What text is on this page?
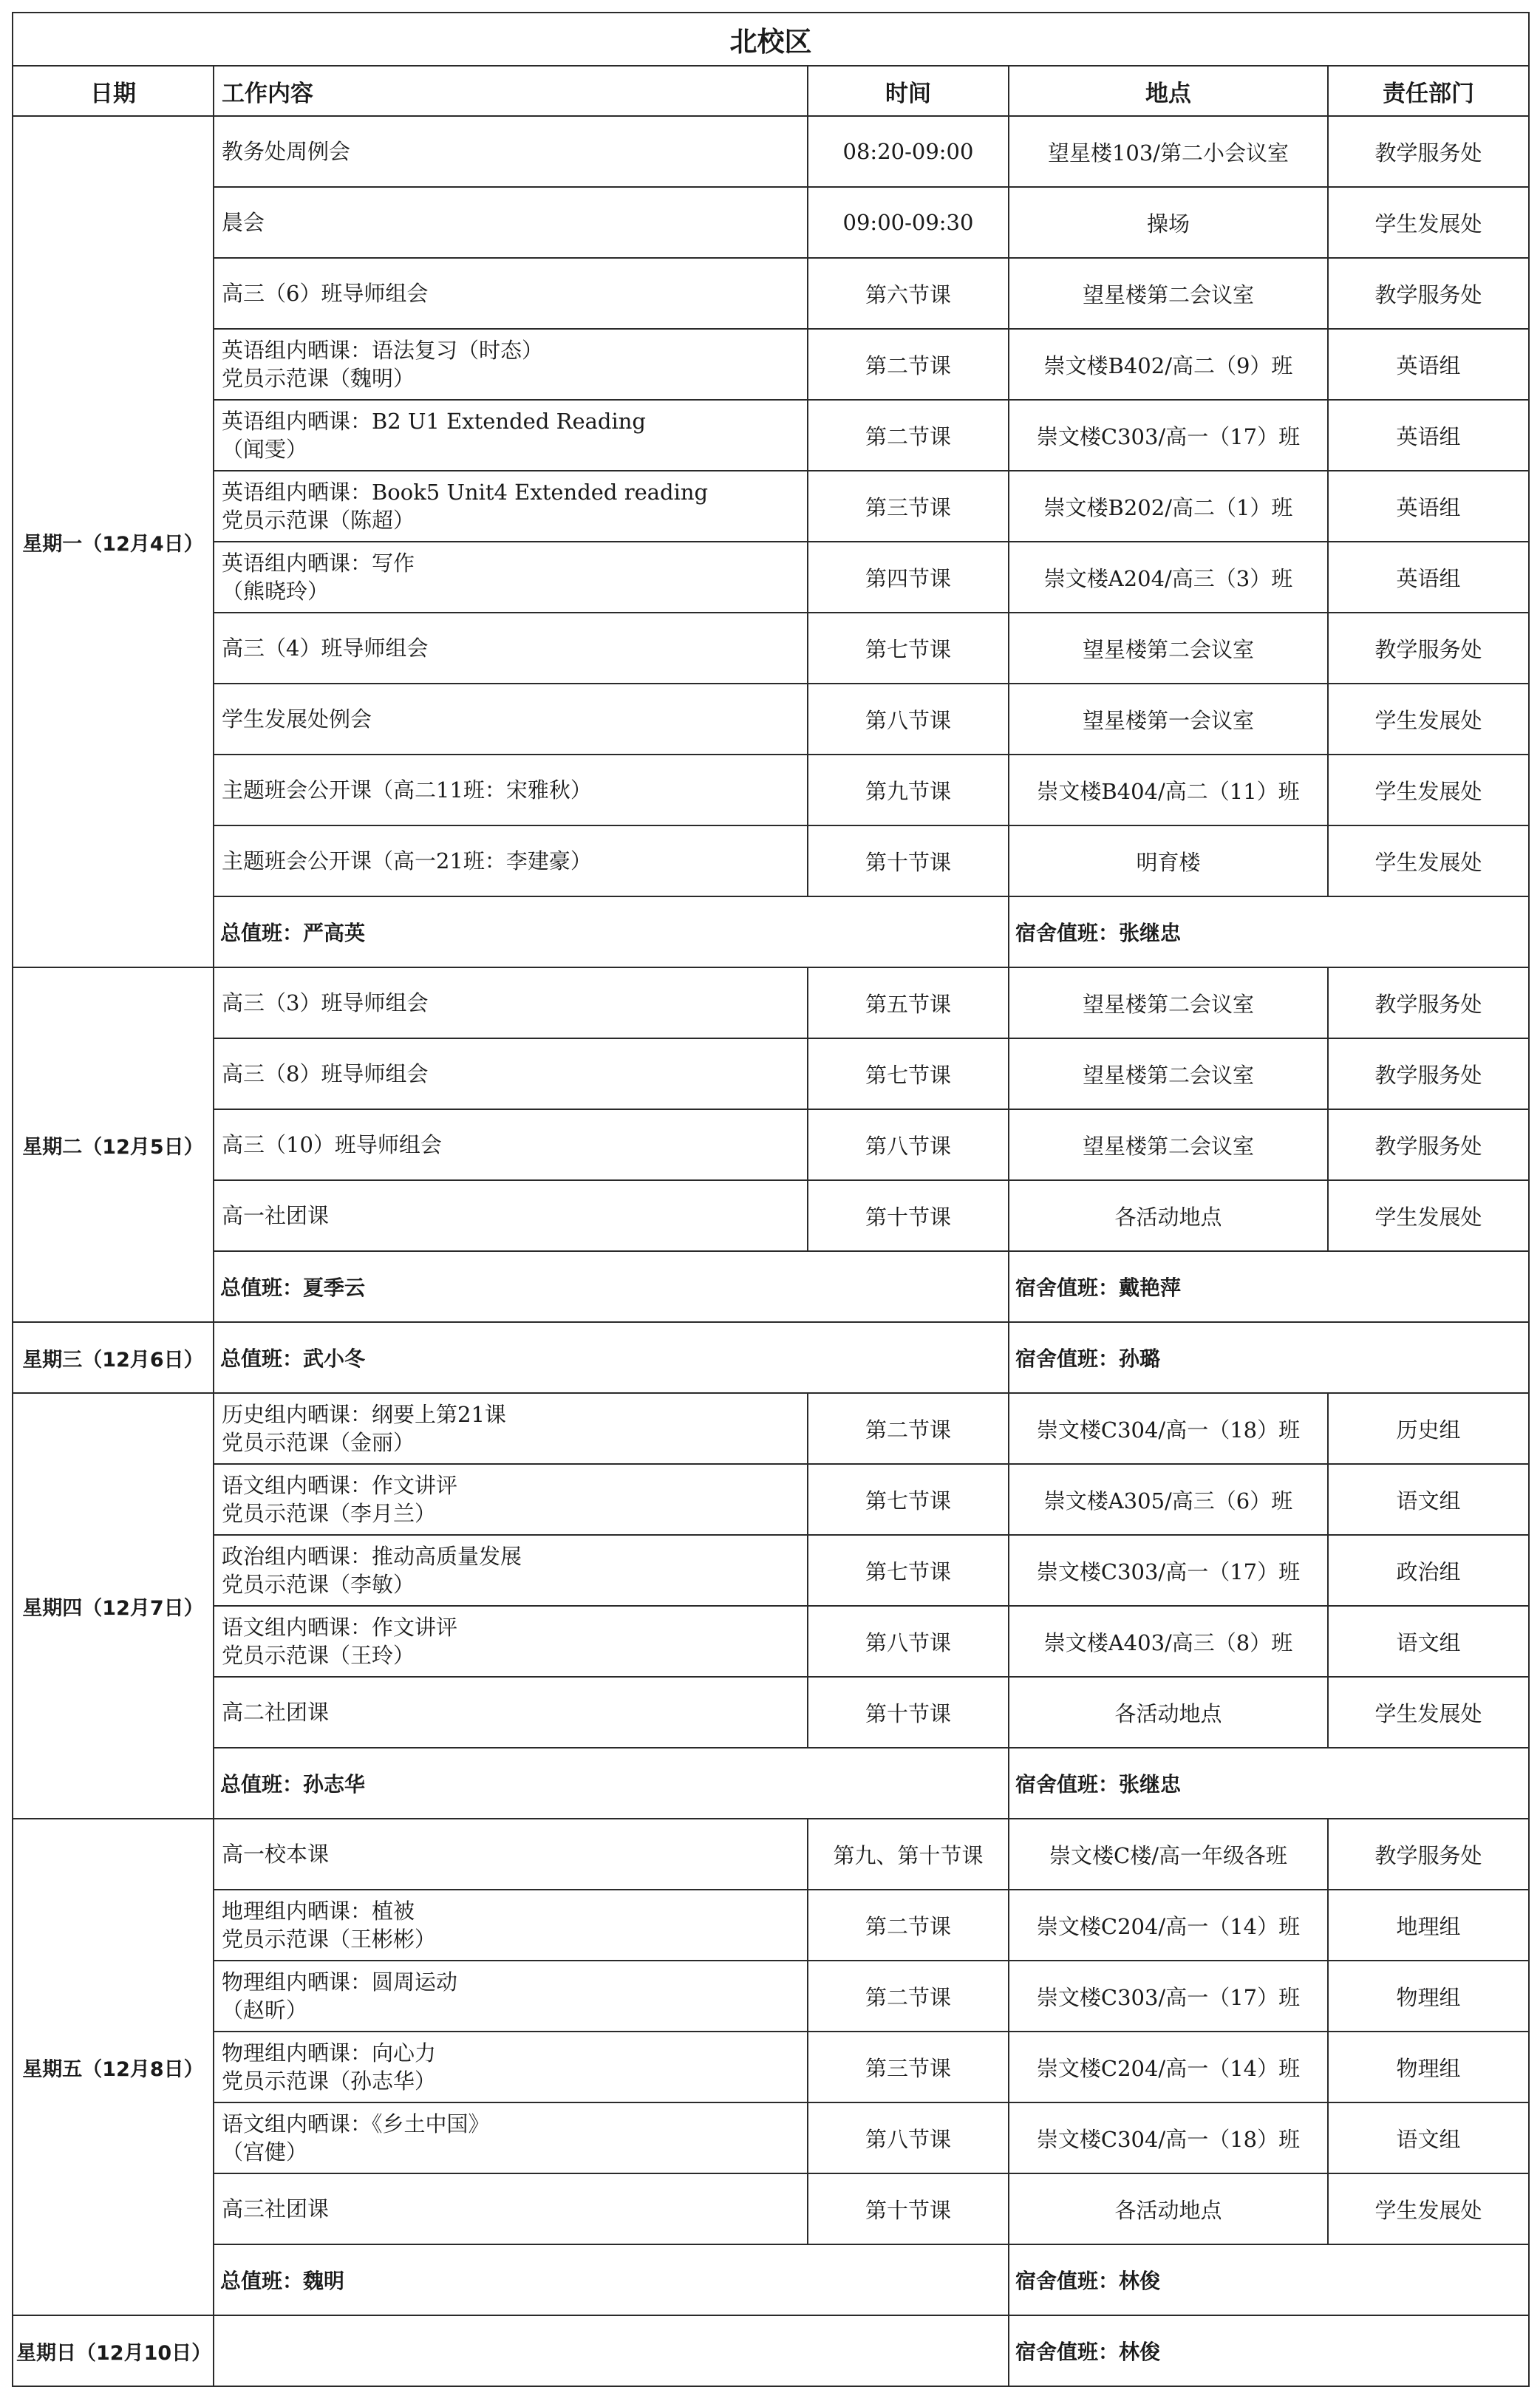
北校区				
日期	工作内容	时间	地点	责任部门
星期一（12月4日）	教务处周例会	08:20-09:00	望星楼103/第二小会议室	教学服务处

	晨会	09:00-09:30	操场	学生发展处

	高三（6）班导师组会	第六节课	望星楼第二会议室	教学服务处

	英语组内晒课：语法复习（时态）
党员示范课（魏明）	第二节课	崇文楼B402/高二（9）班	英语组

	英语组内晒课：B2 U1 Extended Reading
（闻雯）	第二节课	崇文楼C303/高一（17）班	英语组

	英语组内晒课：Book5 Unit4 Extended reading
党员示范课（陈超）	第三节课	崇文楼B202/高二（1）班	英语组

	英语组内晒课：写作
（熊晓玲）	第四节课	崇文楼A204/高三（3）班	英语组

	高三（4）班导师组会	第七节课	望星楼第二会议室	教学服务处

	学生发展处例会	第八节课	望星楼第一会议室	学生发展处

	主题班会公开课（高二11班：宋雅秋）	第九节课	崇文楼B404/高二（11）班	学生发展处

	主题班会公开课（高一21班：李建豪）	第十节课	明育楼	学生发展处
	总值班：严高英		宿舍值班：张继忠	
星期二（12月5日）	高三（3）班导师组会	第五节课	望星楼第二会议室	教学服务处

	高三（8）班导师组会	第七节课	望星楼第二会议室	教学服务处

	高三（10）班导师组会	第八节课	望星楼第二会议室	教学服务处

	高一社团课	第十节课	各活动地点	学生发展处
	总值班：夏季云		宿舍值班：戴艳萍	
星期三（12月6日）	总值班：武小冬		宿舍值班：孙璐	
星期四（12月7日）	历史组内晒课：纲要上第21课
党员示范课（金丽）	第二节课	崇文楼C304/高一（18）班	历史组

	语文组内晒课：作文讲评
党员示范课（李月兰）	第七节课	崇文楼A305/高三（6）班	语文组

	政治组内晒课：推动高质量发展
党员示范课（李敏）	第七节课	崇文楼C303/高一（17）班	政治组

	语文组内晒课：作文讲评
党员示范课（王玲）	第八节课	崇文楼A403/高三（8）班	语文组

	高二社团课	第十节课	各活动地点	学生发展处
	总值班：孙志华		宿舍值班：张继忠	
星期五（12月8日）	高一校本课	第九、第十节课	崇文楼C楼/高一年级各班	教学服务处

	地理组内晒课：植被
党员示范课（王彬彬）	第二节课	崇文楼C204/高一（14）班	地理组

	物理组内晒课：圆周运动
（赵昕）	第二节课	崇文楼C303/高一（17）班	物理组

	物理组内晒课：向心力
党员示范课（孙志华）	第三节课	崇文楼C204/高一（14）班	物理组

	语文组内晒课：《乡土中国》
（宫健）	第八节课	崇文楼C304/高一（18）班	语文组

	高三社团课	第十节课	各活动地点	学生发展处
	总值班：魏明		宿舍值班：林俊	
星期日（12月10日）			宿舍值班：林俊	
